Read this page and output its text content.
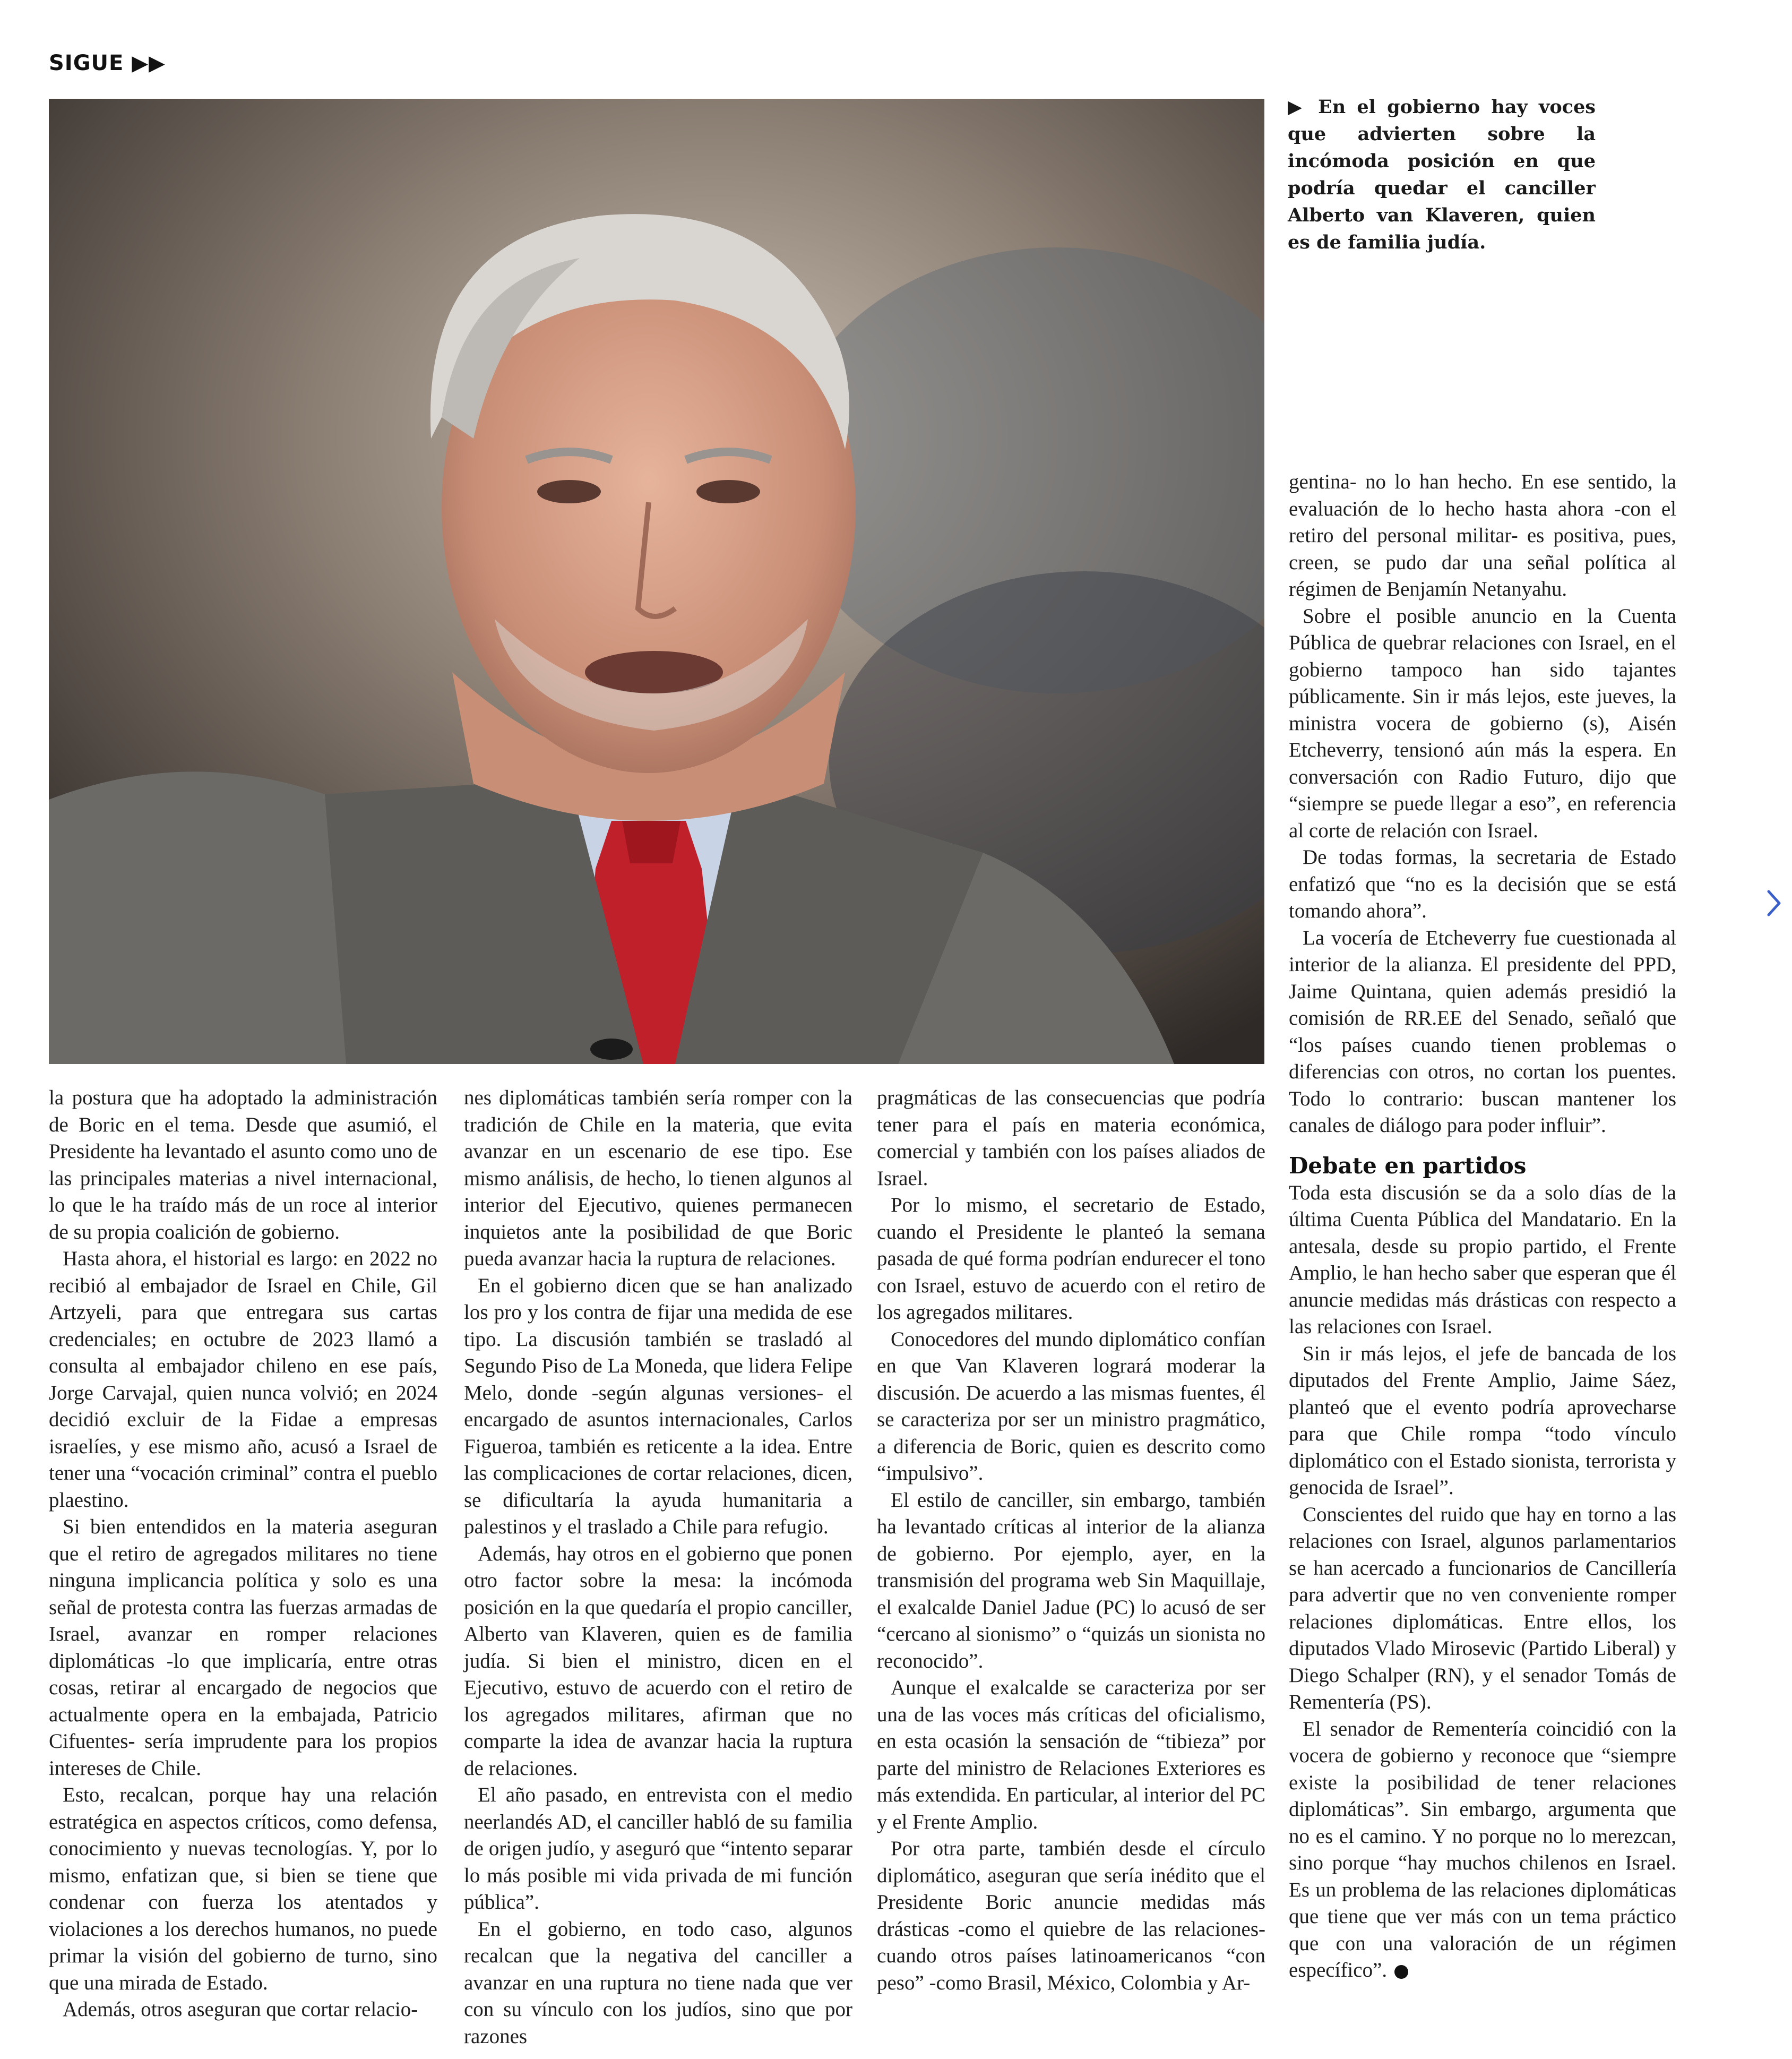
SIGUE ▶▶
▶ En el gobierno hay voces que advierten sobre la incómoda posición en que podría quedar el canciller Alberto van Klaveren, quien es de familia judía.

la postura que ha adoptado la administración de Boric en el tema. Desde que asumió, el Presidente ha levantado el asunto como uno de las principales materias a nivel internacional, lo que le ha traído más de un roce al interior de su propia coalición de gobierno.

Hasta ahora, el historial es largo: en 2022 no recibió al embajador de Israel en Chile, Gil Artzyeli, para que entregara sus cartas credenciales; en octubre de 2023 llamó a consulta al embajador chileno en ese país, Jorge Carvajal, quien nunca volvió; en 2024 decidió excluir de la Fidae a empresas israelíes, y ese mismo año, acusó a Israel de tener una “vocación criminal” contra el pueblo plaestino.

Si bien entendidos en la materia aseguran que el retiro de agregados militares no tiene ninguna implicancia política y solo es una señal de protesta contra las fuerzas armadas de Israel, avanzar en romper relaciones diplomáticas -lo que implicaría, entre otras cosas, retirar al encargado de negocios que actualmente opera en la embajada, Patricio Cifuentes- sería imprudente para los propios intereses de Chile.

Esto, recalcan, porque hay una relación estratégica en aspectos críticos, como defensa, conocimiento y nuevas tecnologías. Y, por lo mismo, enfatizan que, si bien se tiene que condenar con fuerza los atentados y violaciones a los derechos humanos, no puede primar la visión del gobierno de turno, sino que una mirada de Estado.

Además, otros aseguran que cortar relacio-

nes diplomáticas también sería romper con la tradición de Chile en la materia, que evita avanzar en un escenario de ese tipo. Ese mismo análisis, de hecho, lo tienen algunos al interior del Ejecutivo, quienes permanecen inquietos ante la posibilidad de que Boric pueda avanzar hacia la ruptura de relaciones.

En el gobierno dicen que se han analizado los pro y los contra de fijar una medida de ese tipo. La discusión también se trasladó al Segundo Piso de La Moneda, que lidera Felipe Melo, donde -según algunas versiones- el encargado de asuntos internacionales, Carlos Figueroa, también es reticente a la idea. Entre las complicaciones de cortar relaciones, dicen, se dificultaría la ayuda humanitaria a palestinos y el traslado a Chile para refugio.

Además, hay otros en el gobierno que ponen otro factor sobre la mesa: la incómoda posición en la que quedaría el propio canciller, Alberto van Klaveren, quien es de familia judía. Si bien el ministro, dicen en el Ejecutivo, estuvo de acuerdo con el retiro de los agregados militares, afirman que no comparte la idea de avanzar hacia la ruptura de relaciones.

El año pasado, en entrevista con el medio neerlandés AD, el canciller habló de su familia de origen judío, y aseguró que “intento separar lo más posible mi vida privada de mi función pública”.

En el gobierno, en todo caso, algunos recalcan que la negativa del canciller a avanzar en una ruptura no tiene nada que ver con su vínculo con los judíos, sino que por razones

pragmáticas de las consecuencias que podría tener para el país en materia económica, comercial y también con los países aliados de Israel.

Por lo mismo, el secretario de Estado, cuando el Presidente le planteó la semana pasada de qué forma podrían endurecer el tono con Israel, estuvo de acuerdo con el retiro de los agregados militares.

Conocedores del mundo diplomático confían en que Van Klaveren logrará moderar la discusión. De acuerdo a las mismas fuentes, él se caracteriza por ser un ministro pragmático, a diferencia de Boric, quien es descrito como “impulsivo”.

El estilo de canciller, sin embargo, también ha levantado críticas al interior de la alianza de gobierno. Por ejemplo, ayer, en la transmisión del programa web Sin Maquillaje, el exalcalde Daniel Jadue (PC) lo acusó de ser “cercano al sionismo” o “quizás un sionista no reconocido”.

Aunque el exalcalde se caracteriza por ser una de las voces más críticas del oficialismo, en esta ocasión la sensación de “tibieza” por parte del ministro de Relaciones Exteriores es más extendida. En particular, al interior del PC y el Frente Amplio.

Por otra parte, también desde el círculo diplomático, aseguran que sería inédito que el Presidente Boric anuncie medidas más drásticas -como el quiebre de las relaciones- cuando otros países latinoamericanos “con peso” -como Brasil, México, Colombia y Ar-

gentina- no lo han hecho. En ese sentido, la evaluación de lo hecho hasta ahora -con el retiro del personal militar- es positiva, pues, creen, se pudo dar una señal política al régimen de Benjamín Netanyahu.

Sobre el posible anuncio en la Cuenta Pública de quebrar relaciones con Israel, en el gobierno tampoco han sido tajantes públicamente. Sin ir más lejos, este jueves, la ministra vocera de gobierno (s), Aisén Etcheverry, tensionó aún más la espera. En conversación con Radio Futuro, dijo que “siempre se puede llegar a eso”, en referencia al corte de relación con Israel.

De todas formas, la secretaria de Estado enfatizó que “no es la decisión que se está tomando ahora”.

La vocería de Etcheverry fue cuestionada al interior de la alianza. El presidente del PPD, Jaime Quintana, quien además presidió la comisión de RR.EE del Senado, señaló que “los países cuando tienen problemas o diferencias con otros, no cortan los puentes. Todo lo contrario: buscan mantener los canales de diálogo para poder influir”.

Debate en partidos

Toda esta discusión se da a solo días de la última Cuenta Pública del Mandatario. En la antesala, desde su propio partido, el Frente Amplio, le han hecho saber que esperan que él anuncie medidas más drásticas con respecto a las relaciones con Israel.

Sin ir más lejos, el jefe de bancada de los diputados del Frente Amplio, Jaime Sáez, planteó que el evento podría aprovecharse para que Chile rompa “todo vínculo diplomático con el Estado sionista, terrorista y genocida de Israel”.

Conscientes del ruido que hay en torno a las relaciones con Israel, algunos parlamentarios se han acercado a funcionarios de Cancillería para advertir que no ven conveniente romper relaciones diplomáticas. Entre ellos, los diputados Vlado Mirosevic (Partido Liberal) y Diego Schalper (RN), y el senador Tomás de Rementería (PS).

El senador de Rementería coincidió con la vocera de gobierno y reconoce que “siempre existe la posibilidad de tener relaciones diplomáticas”. Sin embargo, argumenta que no es el camino. Y no porque no lo merezcan, sino porque “hay muchos chilenos en Israel. Es un problema de las relaciones diplomáticas que tiene que ver más con un tema práctico que con una valoración de un régimen específico”.
